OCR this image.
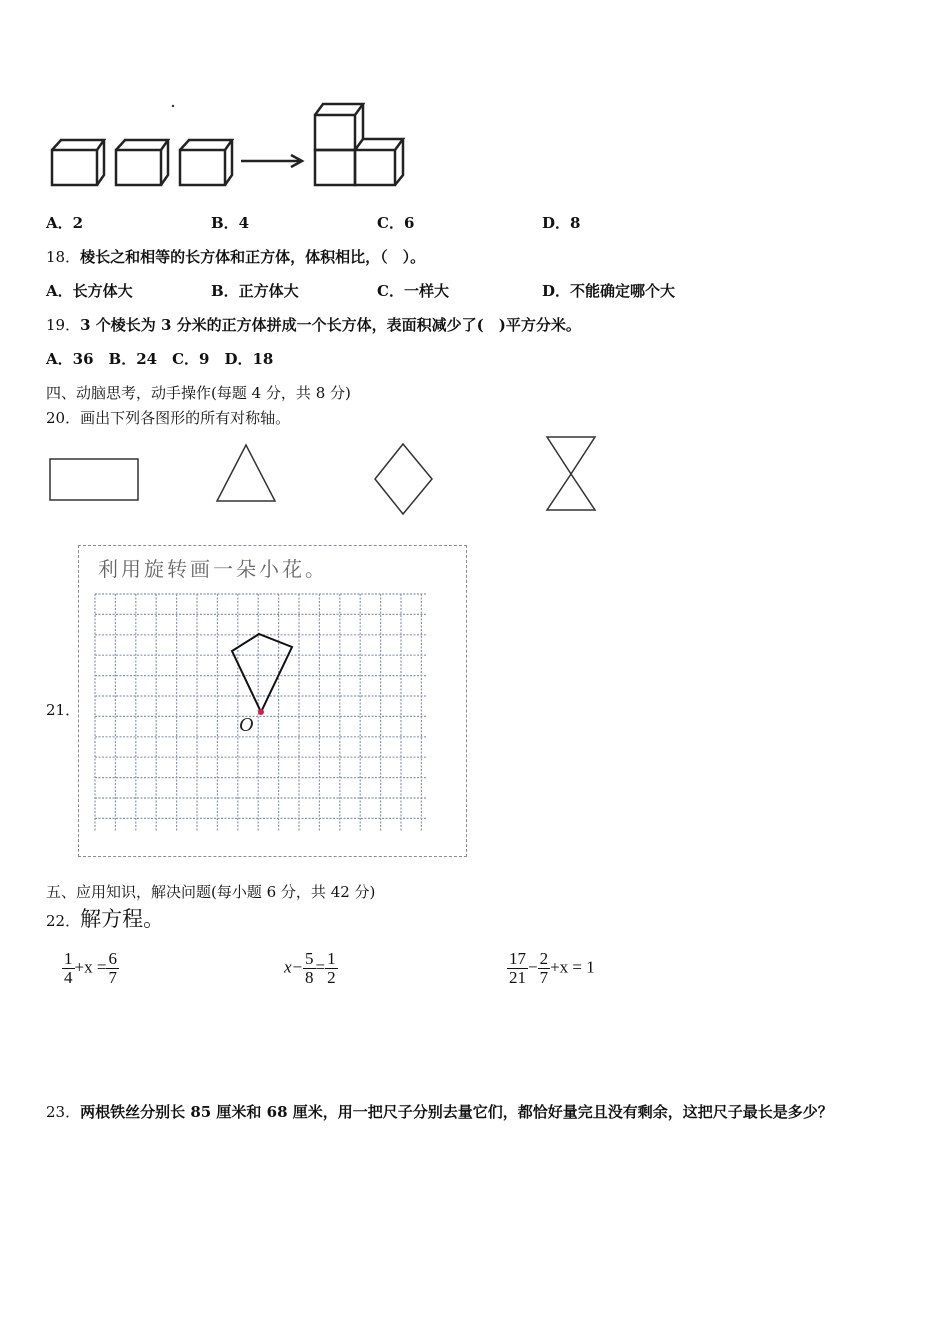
A．2	B．4	C．6	D．8
18．棱长之和相等的长方体和正方体，体积相比，（　）。
A．长方体大	B．正方体大	C．一样大	D．不能确定哪个大
19．3 个棱长为 3 分米的正方体拼成一个长方体，表面积减少了(　)平方分米。
A．36　B．24　C．9　D．18
四、动脑思考，动手操作(每题 4 分，共 8 分)
20．画出下列各图形的所有对称轴。
21．
利用旋转画一朵小花。
O
五、应用知识，解决问题(每小题 6 分，共 42 分)
22．解方程。
$\frac{1}{4} +x = \frac{6}{7}$	$x- \frac{5}{8} = \frac{1}{2}$	$\frac{17}{21} - \frac{2}{7} +x = 1$
23．两根铁丝分别长 85 厘米和 68 厘米，用一把尺子分别去量它们，都恰好量完且没有剩余，这把尺子最长是多少？
